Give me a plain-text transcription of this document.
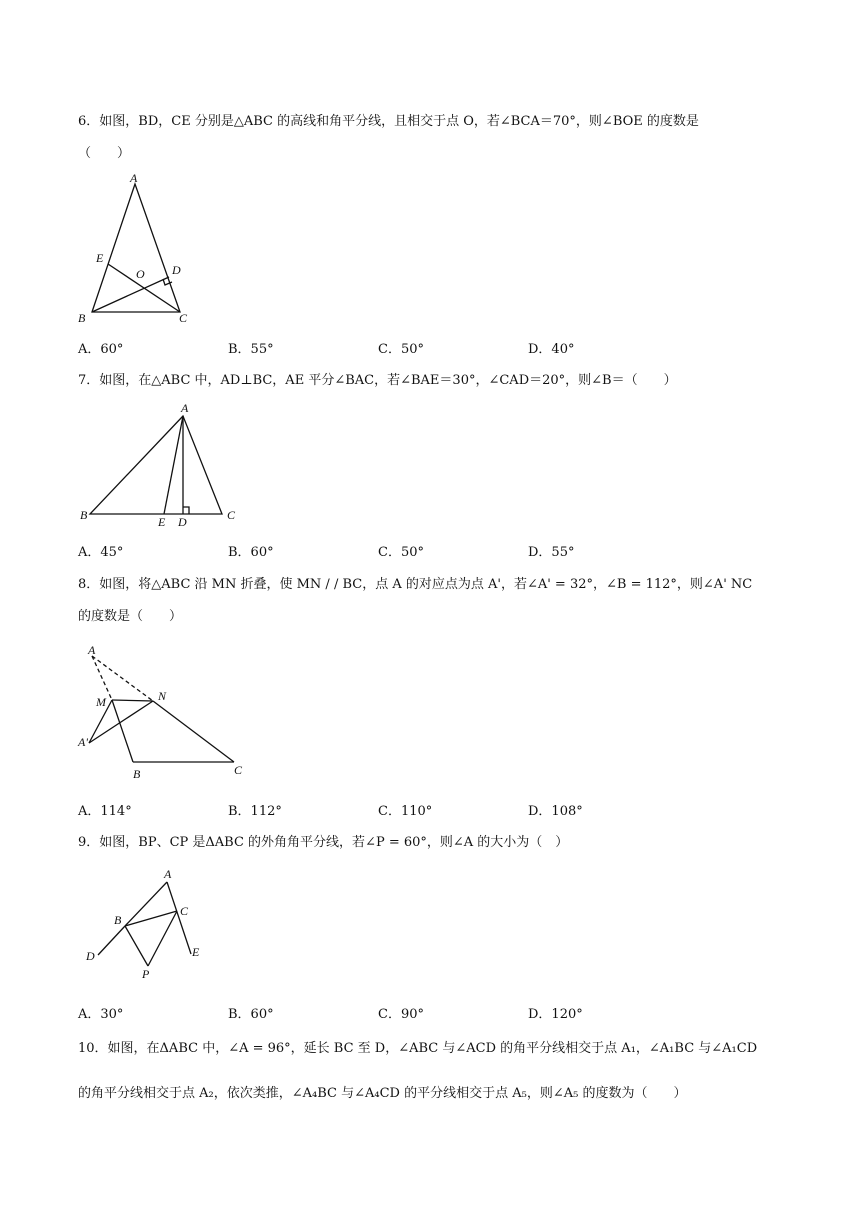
6．如图，BD，CE 分别是△ABC 的高线和角平分线，且相交于点 O，若∠BCA＝70°，则∠BOE 的度数是
（　　）
A
B	C
D
E
O
A．60°	B．55°	C．50°	D．40°
7．如图，在△ABC 中，AD⊥BC，AE 平分∠BAC，若∠BAE＝30°，∠CAD＝20°，则∠B＝（　　）
A
B	C
D
E
A．45°	B．60°	C．50°	D．55°
8．如图，将△ABC 沿 MN 折叠，使 MN / / BC，点 A 的对应点为点 A'，若∠A' = 32°，∠B = 112°，则∠A' NC
的度数是（　　）
A
M	N
A'
B	C
A．114°	B．112°	C．110°	D．108°
9．如图，BP、CP 是ΔABC 的外角角平分线，若∠P = 60°，则∠A 的大小为（　）
A
B
C
D	E
P
A．30°	B．60°	C．90°	D．120°
10．如图，在ΔABC 中，∠A = 96°，延长 BC 至 D，∠ABC 与∠ACD 的角平分线相交于点 A₁，∠A₁BC 与∠A₁CD
的角平分线相交于点 A₂，依次类推，∠A₄BC 与∠A₄CD 的平分线相交于点 A₅，则∠A₅ 的度数为（　　）
